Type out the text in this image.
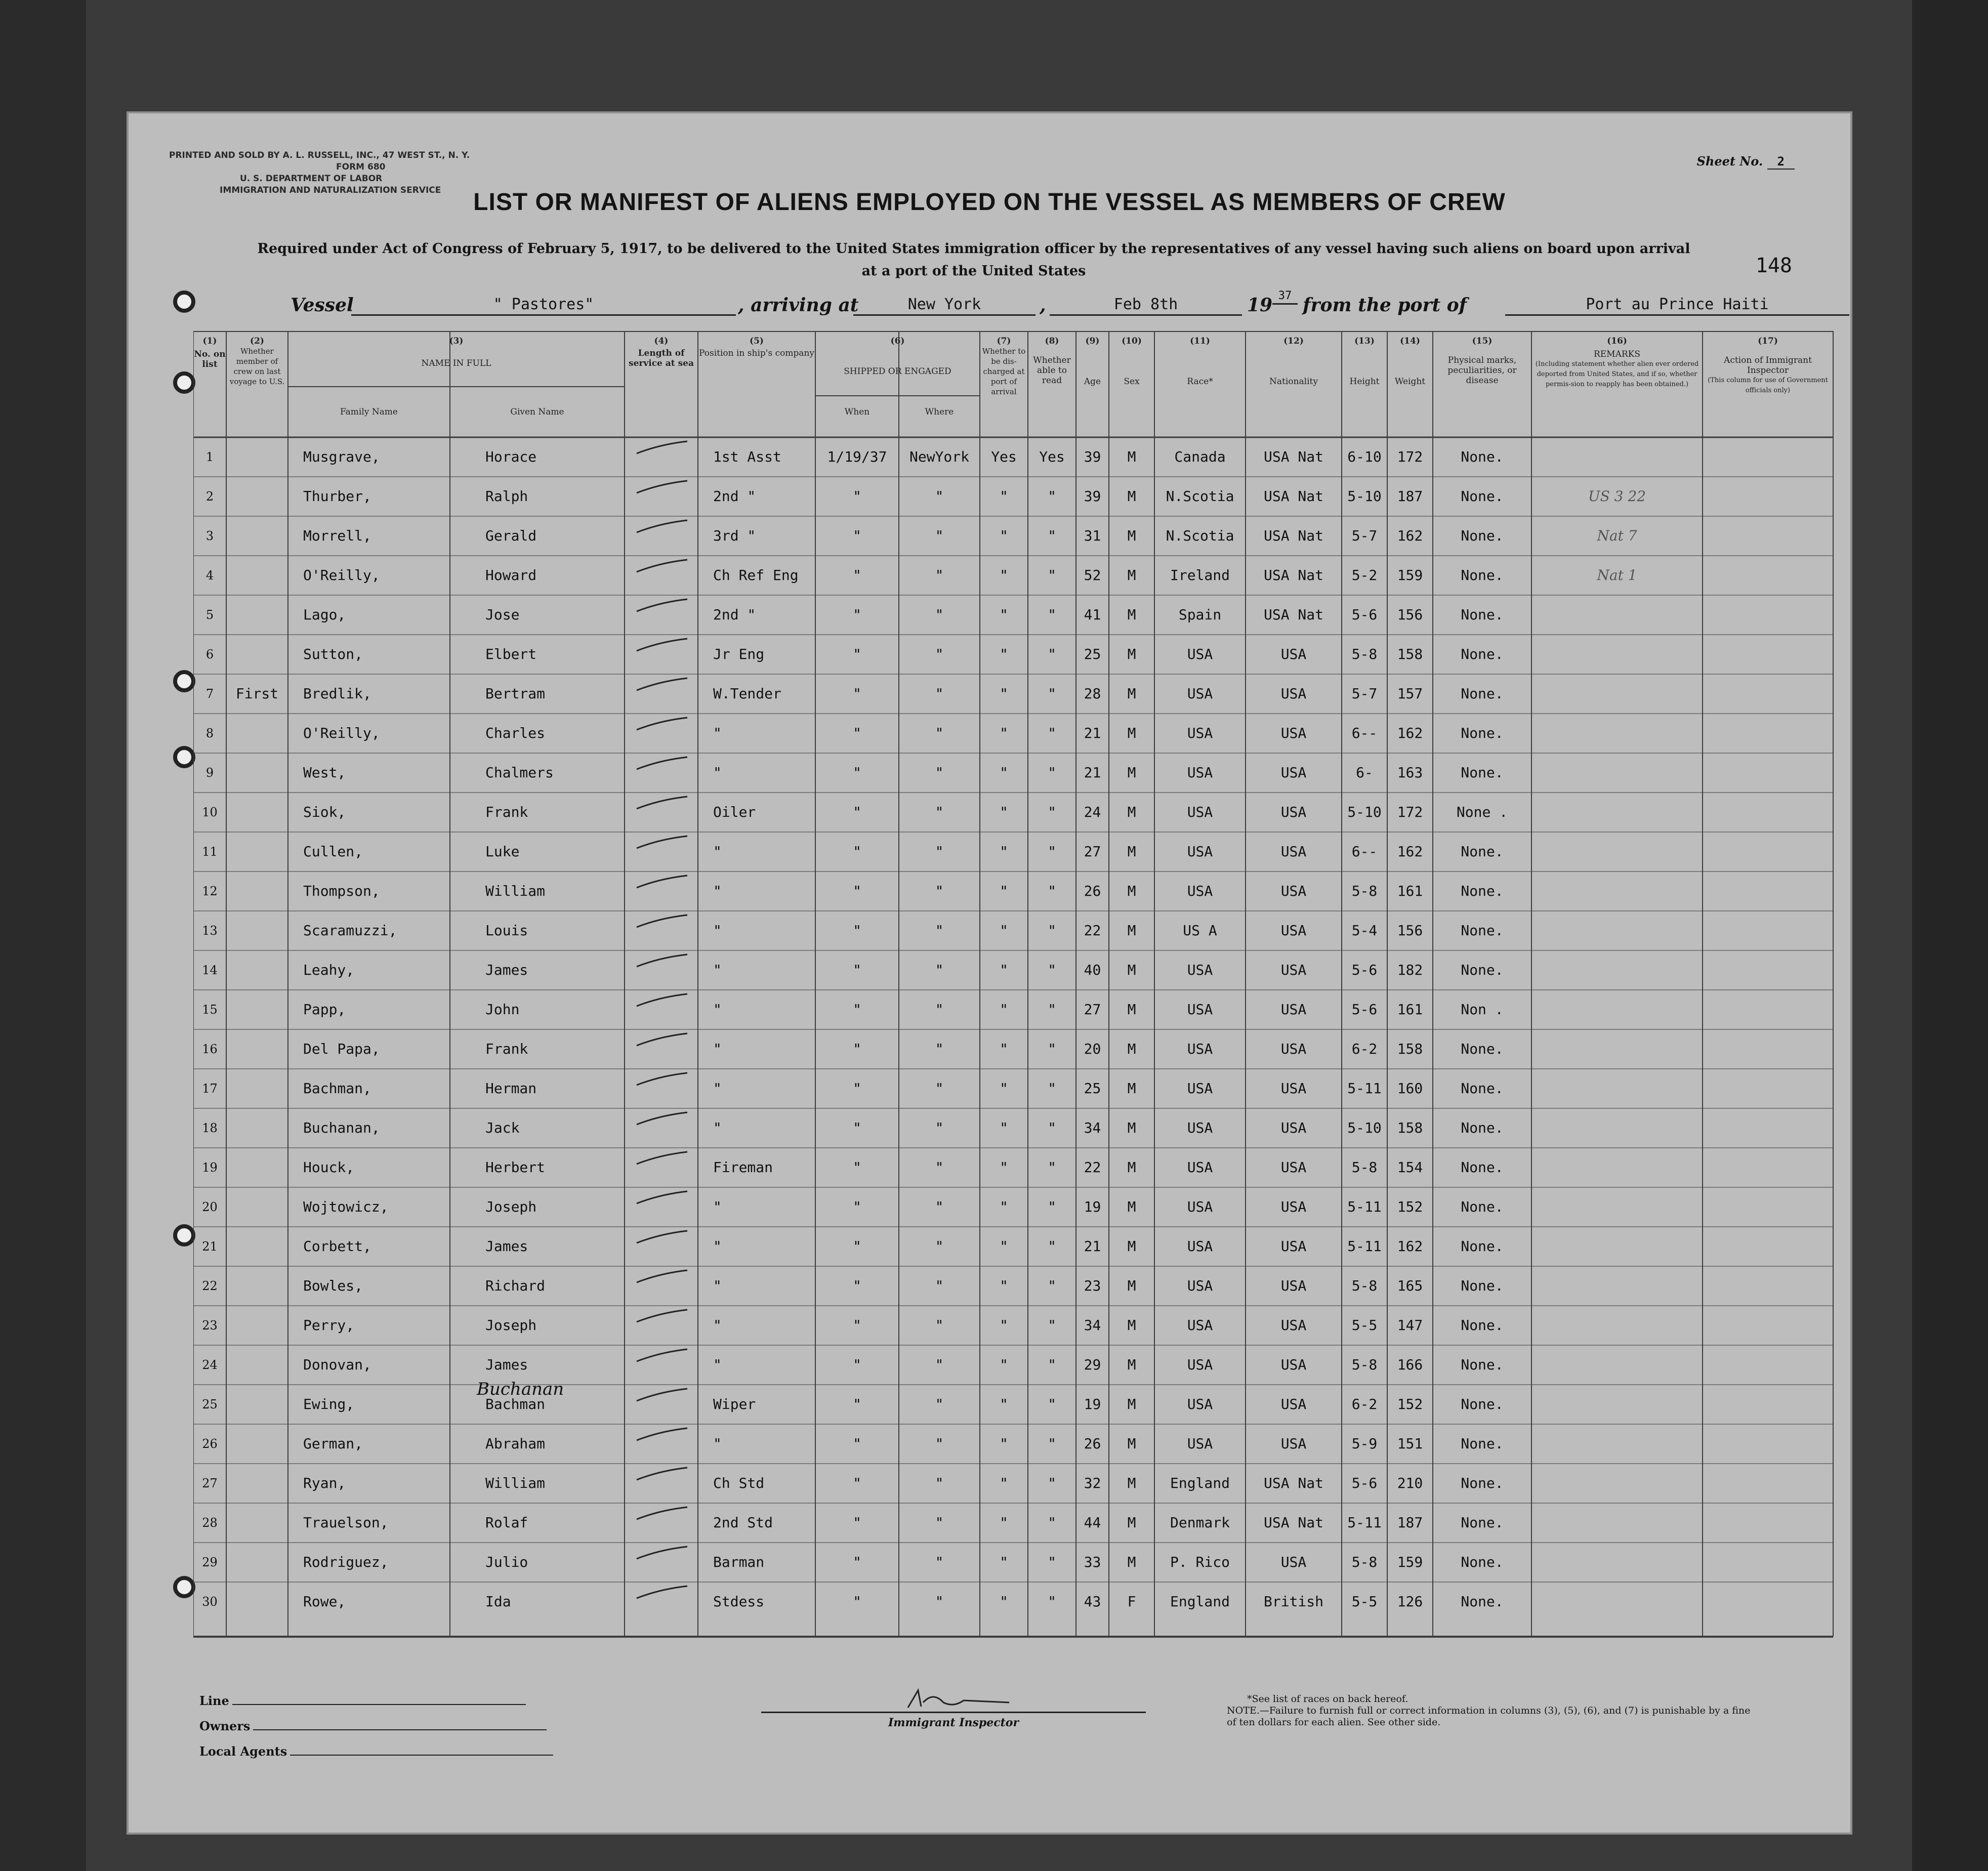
PRINTED AND SOLD BY A. L. RUSSELL, INC., 47 WEST ST., N. Y.
FORM 680
U. S. DEPARTMENT OF LABOR
IMMIGRATION AND NATURALIZATION SERVICE
Sheet No. 2
LIST OR MANIFEST OF ALIENS EMPLOYED ON THE VESSEL AS MEMBERS OF CREW
Required under Act of Congress of February 5, 1917, to be delivered to the United States immigration officer by the representatives of any vessel having such aliens on board upon arrival at a port of the United States	148
Vessel	" Pastores"	, arriving at	New York	,	Feb 8th	19 37 from the port of	Port au Prince Haiti
(1)
No. on list
(2)
Whether member of crew on last voyage to U.S.
(3)
NAME IN FULL
Family Name	Given Name
(4)
Length of service at sea
(5)
Position in ship's company
(6)
SHIPPED OR ENGAGED
When	Where
(7)
Whether to be dis-charged at port of arrival
(8)
Whether able to read
(9)
Age
(10)
Sex
(11)
Race*
(12)
Nationality
(13)
Height
(14)
Weight
(15)
Physical marks, peculiarities, or disease
(16)
REMARKS
(Including statement whether alien ever ordered deported from United States, and if so, whether permis-sion to reapply has been obtained.)
(17)
Action of Immigrant Inspector
(This column for use of Government officials only)
1	Musgrave,	Horace	1st Asst	1/19/37	NewYork	Yes	Yes	39	M	Canada	USA Nat	6-10	172	None.
2	Thurber,	Ralph	2nd "	"	"	"	"	39	M	N.Scotia	USA Nat	5-10	187	None.	US 3 22
3	Morrell,	Gerald	3rd "	"	"	"	"	31	M	N.Scotia	USA Nat	5-7	162	None.	Nat 7
4	O'Reilly,	Howard	Ch Ref Eng	"	"	"	"	52	M	Ireland	USA Nat	5-2	159	None.	Nat 1
5	Lago,	Jose	2nd "	"	"	"	"	41	M	Spain	USA Nat	5-6	156	None.
6	Sutton,	Elbert	Jr Eng	"	"	"	"	25	M	USA	USA	5-8	158	None.
7	First	Bredlik,	Bertram	W.Tender	"	"	"	"	28	M	USA	USA	5-7	157	None.
8	O'Reilly,	Charles	"	"	"	"	"	21	M	USA	USA	6--	162	None.
9	West,	Chalmers	"	"	"	"	"	21	M	USA	USA	6-	163	None.
10	Siok,	Frank	Oiler	"	"	"	"	24	M	USA	USA	5-10	172	None .
11	Cullen,	Luke	"	"	"	"	"	27	M	USA	USA	6--	162	None.
12	Thompson,	William	"	"	"	"	"	26	M	USA	USA	5-8	161	None.
13	Scaramuzzi,	Louis	"	"	"	"	"	22	M	US A	USA	5-4	156	None.
14	Leahy,	James	"	"	"	"	"	40	M	USA	USA	5-6	182	None.
15	Papp,	John	"	"	"	"	"	27	M	USA	USA	5-6	161	Non .
16	Del Papa,	Frank	"	"	"	"	"	20	M	USA	USA	6-2	158	None.
17	Bachman,	Herman	"	"	"	"	"	25	M	USA	USA	5-11	160	None.
18	Buchanan,	Jack	"	"	"	"	"	34	M	USA	USA	5-10	158	None.
19	Houck,	Herbert	Fireman	"	"	"	"	22	M	USA	USA	5-8	154	None.
20	Wojtowicz,	Joseph	"	"	"	"	"	19	M	USA	USA	5-11	152	None.
21	Corbett,	James	"	"	"	"	"	21	M	USA	USA	5-11	162	None.
22	Bowles,	Richard	"	"	"	"	"	23	M	USA	USA	5-8	165	None.
23	Perry,	Joseph	"	"	"	"	"	34	M	USA	USA	5-5	147	None.
24	Donovan,	James	"	"	"	"	"	29	M	USA	USA	5-8	166	None.
25	Ewing,	Bachman	Wiper	"	"	"	"	19	M	USA	USA	6-2	152	None.
Buchanan
26	German,	Abraham	"	"	"	"	"	26	M	USA	USA	5-9	151	None.
27	Ryan,	William	Ch Std	"	"	"	"	32	M	England	USA Nat	5-6	210	None.
28	Trauelson,	Rolaf	2nd Std	"	"	"	"	44	M	Denmark	USA Nat	5-11	187	None.
29	Rodriguez,	Julio	Barman	"	"	"	"	33	M	P. Rico	USA	5-8	159	None.
30	Rowe,	Ida	Stdess	"	"	"	"	43	F	England	British	5-5	126	None.
Line
Owners
Local Agents
Immigrant Inspector
*See list of races on back hereof.
NOTE.—Failure to furnish full or correct information in columns (3), (5), (6), and (7) is punishable by a fine of ten dollars for each alien. See other side.
